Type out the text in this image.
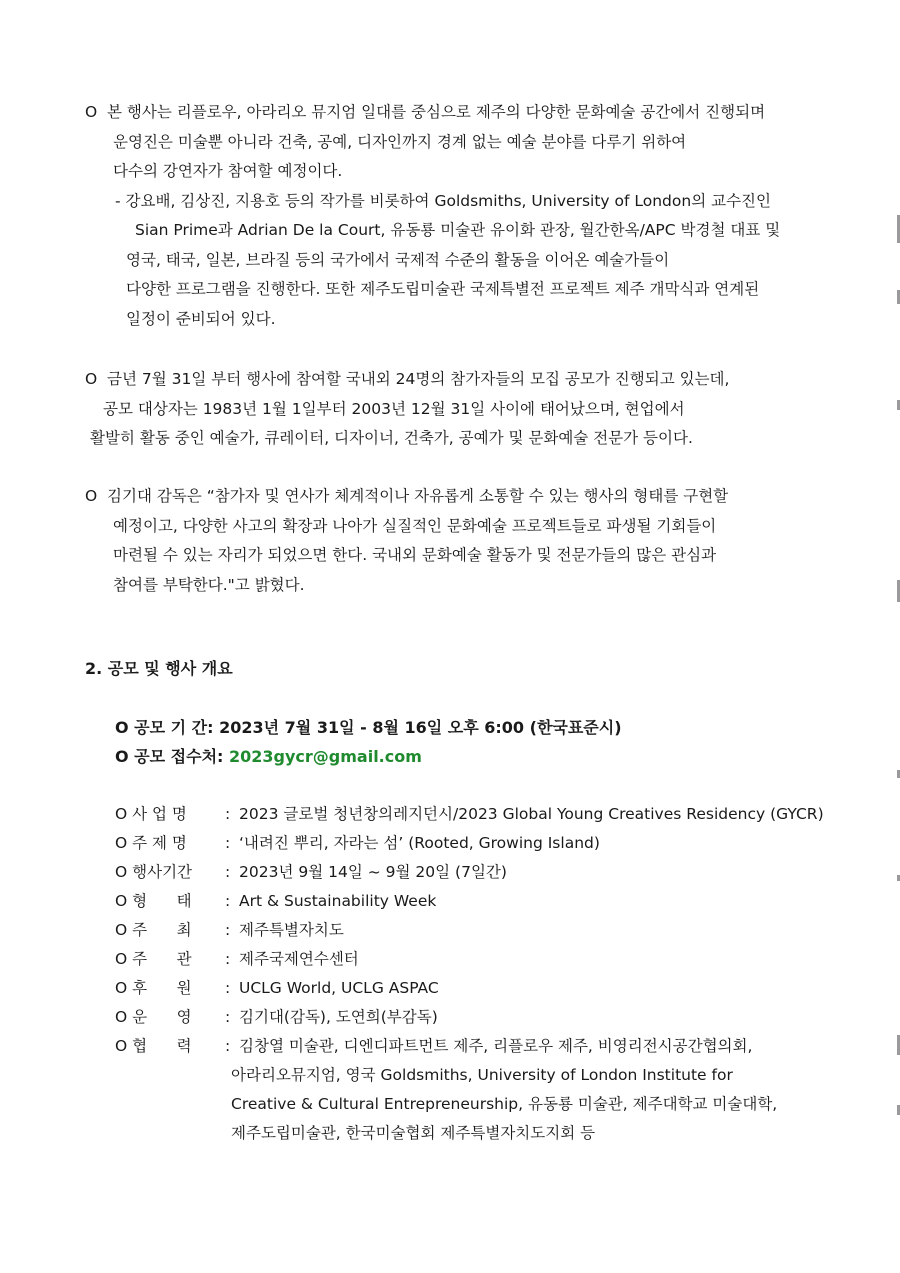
O 본 행사는 리플로우, 아라리오 뮤지엄 일대를 중심으로 제주의 다양한 문화예술 공간에서 진행되며
운영진은 미술뿐 아니라 건축, 공예, 디자인까지 경계 없는 예술 분야를 다루기 위하여
다수의 강연자가 참여할 예정이다.
- 강요배, 김상진, 지용호 등의 작가를 비롯하여 Goldsmiths, University of London의 교수진인
Sian Prime과 Adrian De la Court, 유동룡 미술관 유이화 관장, 월간한옥/APC 박경철 대표 및
영국, 태국, 일본, 브라질 등의 국가에서 국제적 수준의 활동을 이어온 예술가들이
다양한 프로그램을 진행한다. 또한 제주도립미술관 국제특별전 프로젝트 제주 개막식과 연계된
일정이 준비되어 있다.
O 금년 7월 31일 부터 행사에 참여할 국내외 24명의 참가자들의 모집 공모가 진행되고 있는데,
공모 대상자는 1983년 1월 1일부터 2003년 12월 31일 사이에 태어났으며, 현업에서
활발히 활동 중인 예술가, 큐레이터, 디자이너, 건축가, 공예가 및 문화예술 전문가 등이다.
O 김기대 감독은 “참가자 및 연사가 체계적이나 자유롭게 소통할 수 있는 행사의 형태를 구현할
예정이고, 다양한 사고의 확장과 나아가 실질적인 문화예술 프로젝트들로 파생될 기회들이
마련될 수 있는 자리가 되었으면 한다. 국내외 문화예술 활동가 및 전문가들의 많은 관심과
참여를 부탁한다."고 밝혔다.
2. 공모 및 행사 개요
O 공모 기 간: 2023년 7월 31일 - 8월 16일 오후 6:00 (한국표준시)
O 공모 접수처: 2023gycr@gmail.com
O 사 업 명 : 2023 글로벌 청년창의레지던시/2023 Global Young Creatives Residency (GYCR)
O 주 제 명 : ‘내려진 뿌리, 자라는 섬’ (Rooted, Growing Island)
O 행사기간 : 2023년 9월 14일 ~ 9월 20일 (7일간)
O 형      태 : Art & Sustainability Week
O 주      최 : 제주특별자치도
O 주      관 : 제주국제연수센터
O 후      원 : UCLG World, UCLG ASPAC
O 운      영 : 김기대(감독), 도연희(부감독)
O 협      력 : 김창열 미술관, 디엔디파트먼트 제주, 리플로우 제주, 비영리전시공간협의회,
아라리오뮤지엄, 영국 Goldsmiths, University of London Institute for
Creative & Cultural Entrepreneurship, 유동룡 미술관, 제주대학교 미술대학,
제주도립미술관, 한국미술협회 제주특별자치도지회 등
